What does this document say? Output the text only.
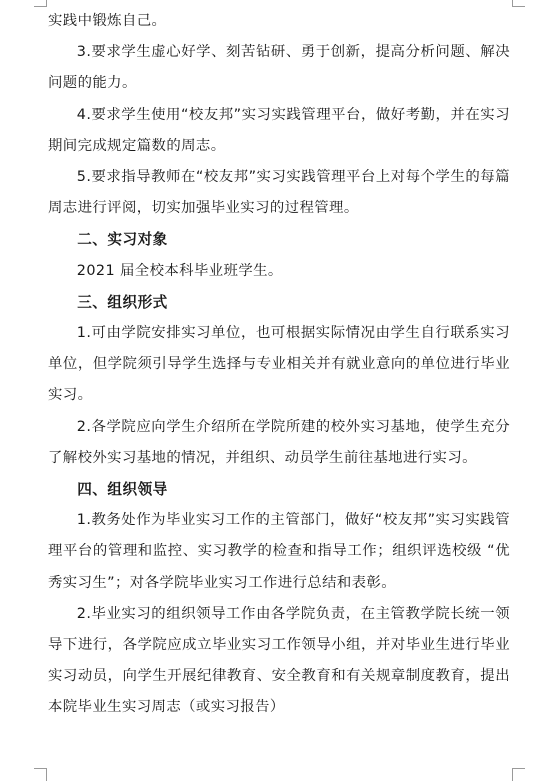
实践中锻炼自己。

3.要求学生虚心好学、刻苦钻研、勇于创新，提高分析问题、解决问题的能力。

4.要求学生使用“校友邦”实习实践管理平台，做好考勤，并在实习期间完成规定篇数的周志。

5.要求指导教师在“校友邦”实习实践管理平台上对每个学生的每篇周志进行评阅，切实加强毕业实习的过程管理。

二、实习对象

2021 届全校本科毕业班学生。

三、组织形式

1.可由学院安排实习单位，也可根据实际情况由学生自行联系实习单位，但学院须引导学生选择与专业相关并有就业意向的单位进行毕业实习。

2.各学院应向学生介绍所在学院所建的校外实习基地，使学生充分了解校外实习基地的情况，并组织、动员学生前往基地进行实习。

四、组织领导

1.教务处作为毕业实习工作的主管部门，做好“校友邦”实习实践管理平台的管理和监控、实习教学的检查和指导工作；组织评选校级 “优秀实习生”；对各学院毕业实习工作进行总结和表彰。

2.毕业实习的组织领导工作由各学院负责，在主管教学院长统一领导下进行，各学院应成立毕业实习工作领导小组，并对毕业生进行毕业实习动员，向学生开展纪律教育、安全教育和有关规章制度教育，提出本院毕业生实习周志（或实习报告）
